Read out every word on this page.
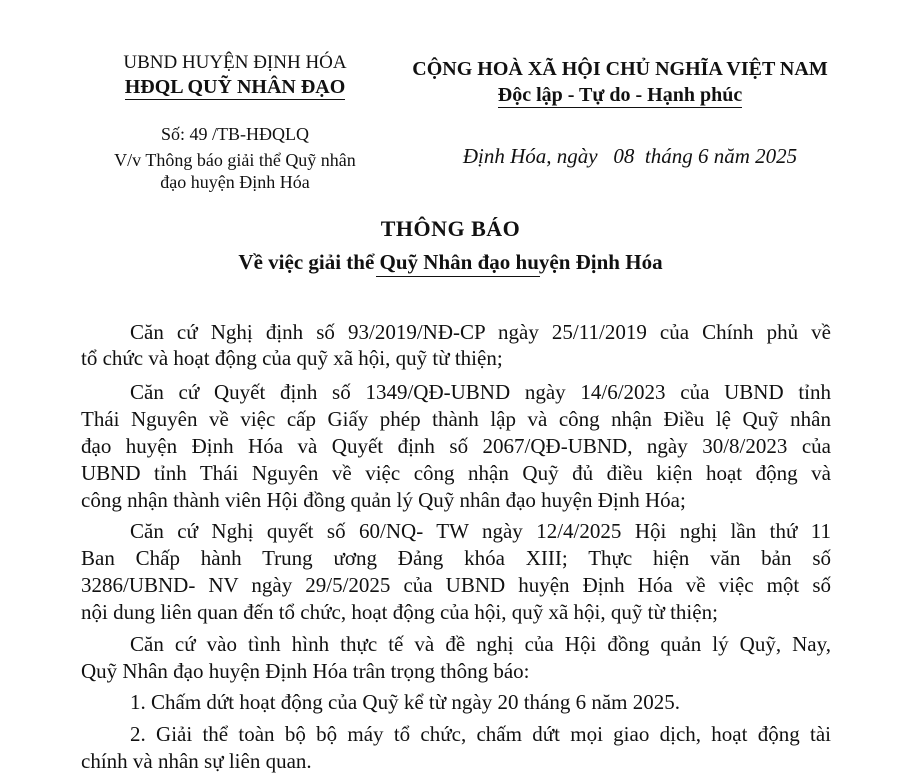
UBND HUYỆN ĐỊNH HÓA
HĐQL QUỸ NHÂN ĐẠO
Số: 49 /TB-HĐQLQ
V/v Thông báo giải thể Quỹ nhân
đạo huyện Định Hóa
CỘNG HOÀ XÃ HỘI CHỦ NGHĨA VIỆT NAM
Độc lập - Tự do - Hạnh phúc
Định Hóa, ngày   08  tháng 6 năm 2025
THÔNG BÁO
Về việc giải thể Quỹ Nhân đạo huyện Định Hóa
Căn cứ Nghị định số 93/2019/NĐ-CP ngày 25/11/2019 của Chính phủ về
tổ chức và hoạt động của quỹ xã hội, quỹ từ thiện;
Căn cứ Quyết định số 1349/QĐ-UBND ngày 14/6/2023 của UBND tỉnh
Thái Nguyên về việc cấp Giấy phép thành lập và công nhận Điều lệ Quỹ nhân
đạo huyện Định Hóa và Quyết định số 2067/QĐ-UBND, ngày 30/8/2023 của
UBND tỉnh Thái Nguyên về việc công nhận Quỹ đủ điều kiện hoạt động và
công nhận thành viên Hội đồng quản lý Quỹ nhân đạo huyện Định Hóa;
Căn cứ Nghị quyết số 60/NQ- TW ngày 12/4/2025 Hội nghị lần thứ 11
Ban Chấp hành Trung ương Đảng khóa XIII; Thực hiện văn bản số
3286/UBND- NV ngày 29/5/2025 của UBND huyện Định Hóa về việc một số
nội dung liên quan đến tổ chức, hoạt động của hội, quỹ xã hội, quỹ từ thiện;
Căn cứ vào tình hình thực tế và đề nghị của Hội đồng quản lý Quỹ, Nay,
Quỹ Nhân đạo huyện Định Hóa trân trọng thông báo:
1. Chấm dứt hoạt động của Quỹ kể từ ngày 20 tháng 6 năm 2025.
2. Giải thể toàn bộ bộ máy tổ chức, chấm dứt mọi giao dịch, hoạt động tài
chính và nhân sự liên quan.
